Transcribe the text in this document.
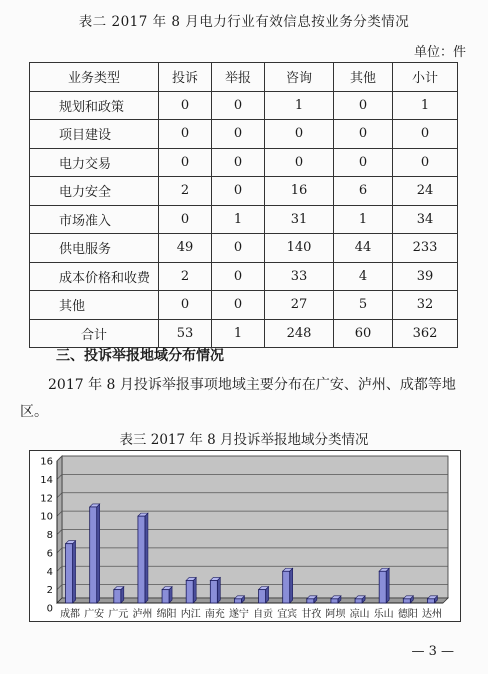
表二 2017 年 8 月电力行业有效信息按业务分类情况
单位：件
业务类型	投诉	举报	咨询	其他	小计
规划和政策	0	0	1	0	1
项目建设	0	0	0	0	0
电力交易	0	0	0	0	0
电力安全	2	0	16	6	24
市场准入	0	1	31	1	34
供电服务	49	0	140	44	233
成本价格和收费	2	0	33	4	39
其他	0	0	27	5	32
合计	53	1	248	60	362
三、投诉举报地域分布情况
2017 年 8 月投诉举报事项地域主要分布在广安、泸州、成都等地区。
表三 2017 年 8 月投诉举报地域分类情况
0
2
4
6
8
10
12
14
16
成都 广安 广元 泸州 绵阳 内江 南充 遂宁 自贡 宜宾 甘孜 阿坝 凉山 乐山 德阳 达州
— 3 —
